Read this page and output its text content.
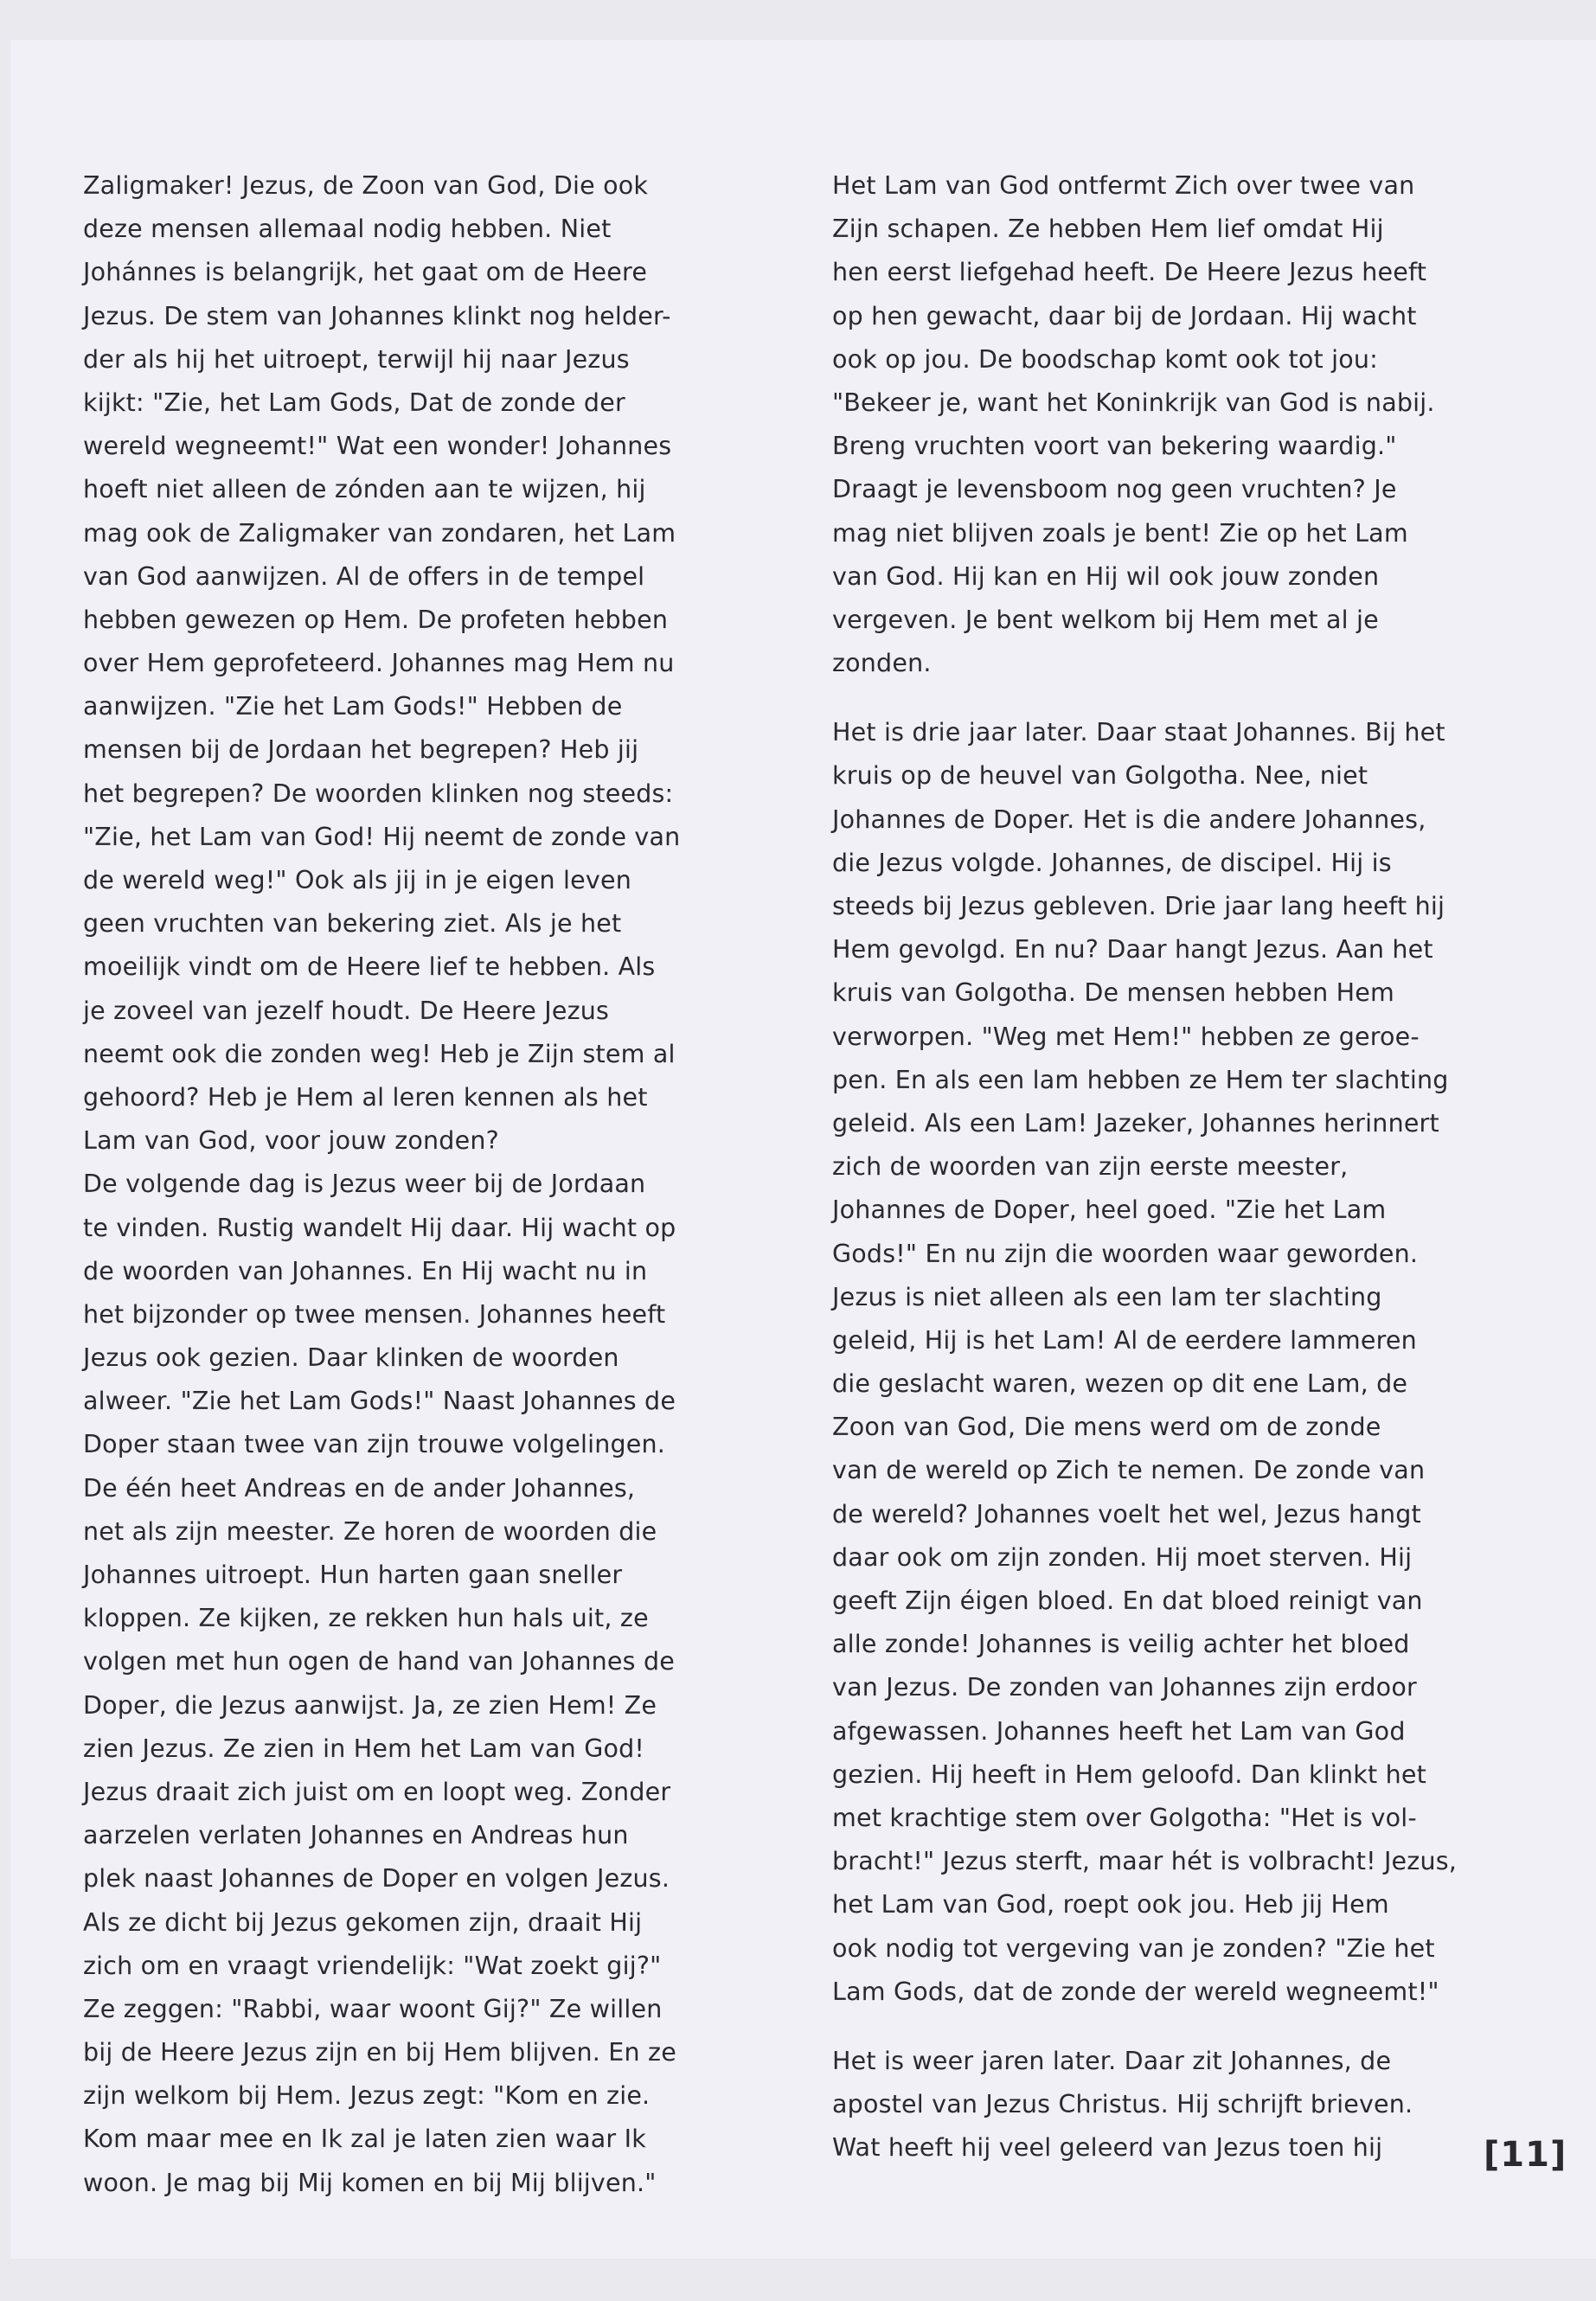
Zaligmaker! Jezus, de Zoon van God, Die ook
deze mensen allemaal nodig hebben. Niet
Johánnes is belangrijk, het gaat om de Heere
Jezus. De stem van Johannes klinkt nog helder-
der als hij het uitroept, terwijl hij naar Jezus
kijkt: "Zie, het Lam Gods, Dat de zonde der
wereld wegneemt!" Wat een wonder! Johannes
hoeft niet alleen de zónden aan te wijzen, hij
mag ook de Zaligmaker van zondaren, het Lam
van God aanwijzen. Al de offers in de tempel
hebben gewezen op Hem. De profeten hebben
over Hem geprofeteerd. Johannes mag Hem nu
aanwijzen. "Zie het Lam Gods!" Hebben de
mensen bij de Jordaan het begrepen? Heb jij
het begrepen? De woorden klinken nog steeds:
"Zie, het Lam van God! Hij neemt de zonde van
de wereld weg!" Ook als jij in je eigen leven
geen vruchten van bekering ziet. Als je het
moeilijk vindt om de Heere lief te hebben. Als
je zoveel van jezelf houdt. De Heere Jezus
neemt ook die zonden weg! Heb je Zijn stem al
gehoord? Heb je Hem al leren kennen als het
Lam van God, voor jouw zonden?
De volgende dag is Jezus weer bij de Jordaan
te vinden. Rustig wandelt Hij daar. Hij wacht op
de woorden van Johannes. En Hij wacht nu in
het bijzonder op twee mensen. Johannes heeft
Jezus ook gezien. Daar klinken de woorden
alweer. "Zie het Lam Gods!" Naast Johannes de
Doper staan twee van zijn trouwe volgelingen.
De één heet Andreas en de ander Johannes,
net als zijn meester. Ze horen de woorden die
Johannes uitroept. Hun harten gaan sneller
kloppen. Ze kijken, ze rekken hun hals uit, ze
volgen met hun ogen de hand van Johannes de
Doper, die Jezus aanwijst. Ja, ze zien Hem! Ze
zien Jezus. Ze zien in Hem het Lam van God!
Jezus draait zich juist om en loopt weg. Zonder
aarzelen verlaten Johannes en Andreas hun
plek naast Johannes de Doper en volgen Jezus.
Als ze dicht bij Jezus gekomen zijn, draait Hij
zich om en vraagt vriendelijk: "Wat zoekt gij?"
Ze zeggen: "Rabbi, waar woont Gij?" Ze willen
bij de Heere Jezus zijn en bij Hem blijven. En ze
zijn welkom bij Hem. Jezus zegt: "Kom en zie.
Kom maar mee en Ik zal je laten zien waar Ik
woon. Je mag bij Mij komen en bij Mij blijven."
Het Lam van God ontfermt Zich over twee van
Zijn schapen. Ze hebben Hem lief omdat Hij
hen eerst liefgehad heeft. De Heere Jezus heeft
op hen gewacht, daar bij de Jordaan. Hij wacht
ook op jou. De boodschap komt ook tot jou:
"Bekeer je, want het Koninkrijk van God is nabij.
Breng vruchten voort van bekering waardig."
Draagt je levensboom nog geen vruchten? Je
mag niet blijven zoals je bent! Zie op het Lam
van God. Hij kan en Hij wil ook jouw zonden
vergeven. Je bent welkom bij Hem met al je
zonden.
Het is drie jaar later. Daar staat Johannes. Bij het
kruis op de heuvel van Golgotha. Nee, niet
Johannes de Doper. Het is die andere Johannes,
die Jezus volgde. Johannes, de discipel. Hij is
steeds bij Jezus gebleven. Drie jaar lang heeft hij
Hem gevolgd. En nu? Daar hangt Jezus. Aan het
kruis van Golgotha. De mensen hebben Hem
verworpen. "Weg met Hem!" hebben ze geroe-
pen. En als een lam hebben ze Hem ter slachting
geleid. Als een Lam! Jazeker, Johannes herinnert
zich de woorden van zijn eerste meester,
Johannes de Doper, heel goed. "Zie het Lam
Gods!" En nu zijn die woorden waar geworden.
Jezus is niet alleen als een lam ter slachting
geleid, Hij is het Lam! Al de eerdere lammeren
die geslacht waren, wezen op dit ene Lam, de
Zoon van God, Die mens werd om de zonde
van de wereld op Zich te nemen. De zonde van
de wereld? Johannes voelt het wel, Jezus hangt
daar ook om zijn zonden. Hij moet sterven. Hij
geeft Zijn éigen bloed. En dat bloed reinigt van
alle zonde! Johannes is veilig achter het bloed
van Jezus. De zonden van Johannes zijn erdoor
afgewassen. Johannes heeft het Lam van God
gezien. Hij heeft in Hem geloofd. Dan klinkt het
met krachtige stem over Golgotha: "Het is vol-
bracht!" Jezus sterft, maar hét is volbracht! Jezus,
het Lam van God, roept ook jou. Heb jij Hem
ook nodig tot vergeving van je zonden? "Zie het
Lam Gods, dat de zonde der wereld wegneemt!"
Het is weer jaren later. Daar zit Johannes, de
apostel van Jezus Christus. Hij schrijft brieven.
Wat heeft hij veel geleerd van Jezus toen hij	[11]
